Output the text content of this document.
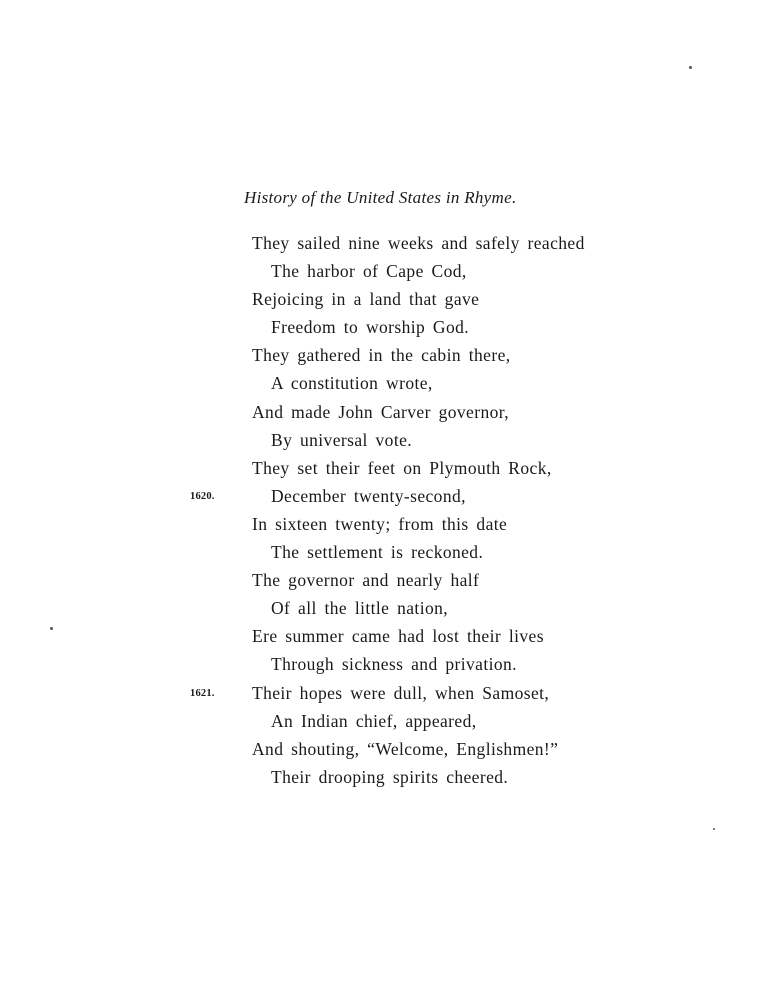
History of the United States in Rhyme.
They sailed nine weeks and safely reached
The harbor of Cape Cod,
Rejoicing in a land that gave
Freedom to worship God.
They gathered in the cabin there,
A constitution wrote,
And made John Carver governor,
By universal vote.
They set their feet on Plymouth Rock,
1620.	December twenty-second,
In sixteen twenty; from this date
The settlement is reckoned.
The governor and nearly half
Of all the little nation,
Ere summer came had lost their lives
Through sickness and privation.
1621. Their hopes were dull, when Samoset,
An Indian chief, appeared,
And shouting, “Welcome, Englishmen!”
Their drooping spirits cheered.
